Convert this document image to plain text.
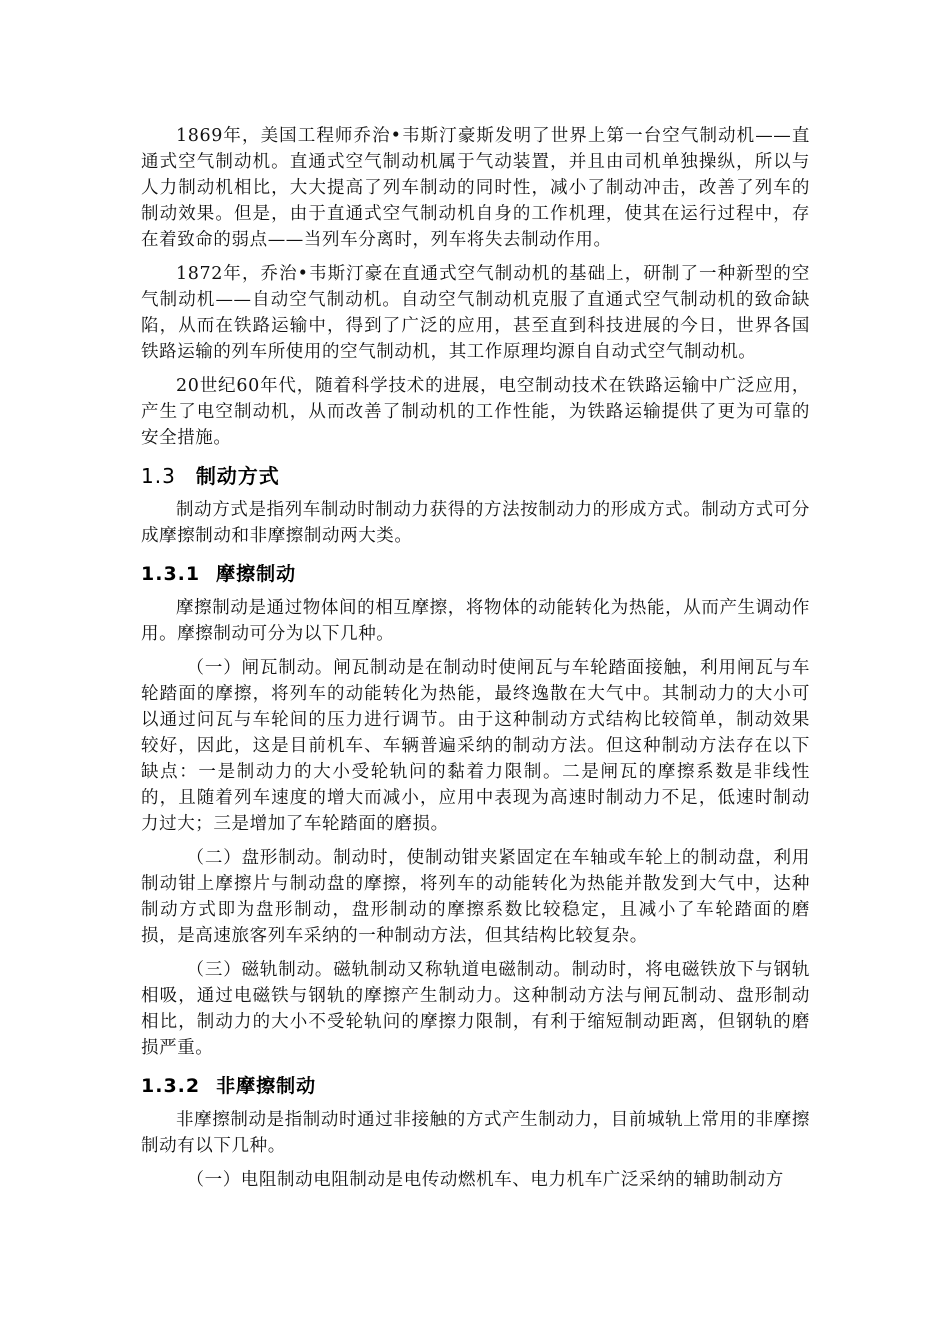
1869年，美国工程师乔治•韦斯汀豪斯发明了世界上第一台空气制动机——直通式空气制动机。直通式空气制动机属于气动装置，并且由司机单独操纵，所以与人力制动机相比，大大提高了列车制动的同时性，减小了制动冲击，改善了列车的制动效果。但是，由于直通式空气制动机自身的工作机理，使其在运行过程中，存在着致命的弱点——当列车分离时，列车将失去制动作用。

1872年，乔治•韦斯汀豪在直通式空气制动机的基础上，研制了一种新型的空气制动机——自动空气制动机。自动空气制动机克服了直通式空气制动机的致命缺陷，从而在铁路运输中，得到了广泛的应用，甚至直到科技进展的今日，世界各国铁路运输的列车所使用的空气制动机，其工作原理均源自自动式空气制动机。

20世纪60年代，随着科学技术的进展，电空制动技术在铁路运输中广泛应用，产生了电空制动机，从而改善了制动机的工作性能，为铁路运输提供了更为可靠的安全措施。

1.3 制动方式

制动方式是指列车制动时制动力获得的方法按制动力的形成方式。制动方式可分成摩擦制动和非摩擦制动两大类。

1.3.1 摩擦制动

摩擦制动是通过物体间的相互摩擦，将物体的动能转化为热能，从而产生调动作用。摩擦制动可分为以下几种。

（一）闸瓦制动。闸瓦制动是在制动时使闸瓦与车轮踏面接触，利用闸瓦与车轮踏面的摩擦，将列车的动能转化为热能，最终逸散在大气中。其制动力的大小可以通过问瓦与车轮间的压力进行调节。由于这种制动方式结构比较简单，制动效果较好，因此，这是目前机车、车辆普遍采纳的制动方法。但这种制动方法存在以下缺点：一是制动力的大小受轮轨问的黏着力限制。二是闸瓦的摩擦系数是非线性的，且随着列车速度的增大而减小，应用中表现为高速时制动力不足，低速时制动力过大；三是增加了车轮踏面的磨损。

（二）盘形制动。制动时，使制动钳夹紧固定在车轴或车轮上的制动盘，利用制动钳上摩擦片与制动盘的摩擦，将列车的动能转化为热能并散发到大气中，达种制动方式即为盘形制动，盘形制动的摩擦系数比较稳定，且减小了车轮踏面的磨损，是高速旅客列车采纳的一种制动方法，但其结构比较复杂。

（三）磁轨制动。磁轨制动又称轨道电磁制动。制动时，将电磁铁放下与钢轨相吸，通过电磁铁与钢轨的摩擦产生制动力。这种制动方法与闸瓦制动、盘形制动相比，制动力的大小不受轮轨问的摩擦力限制，有利于缩短制动距离，但钢轨的磨损严重。

1.3.2 非摩擦制动

非摩擦制动是指制动时通过非接触的方式产生制动力，目前城轨上常用的非摩擦制动有以下几种。

（一）电阻制动电阻制动是电传动燃机车、电力机车广泛采纳的辅助制动方
